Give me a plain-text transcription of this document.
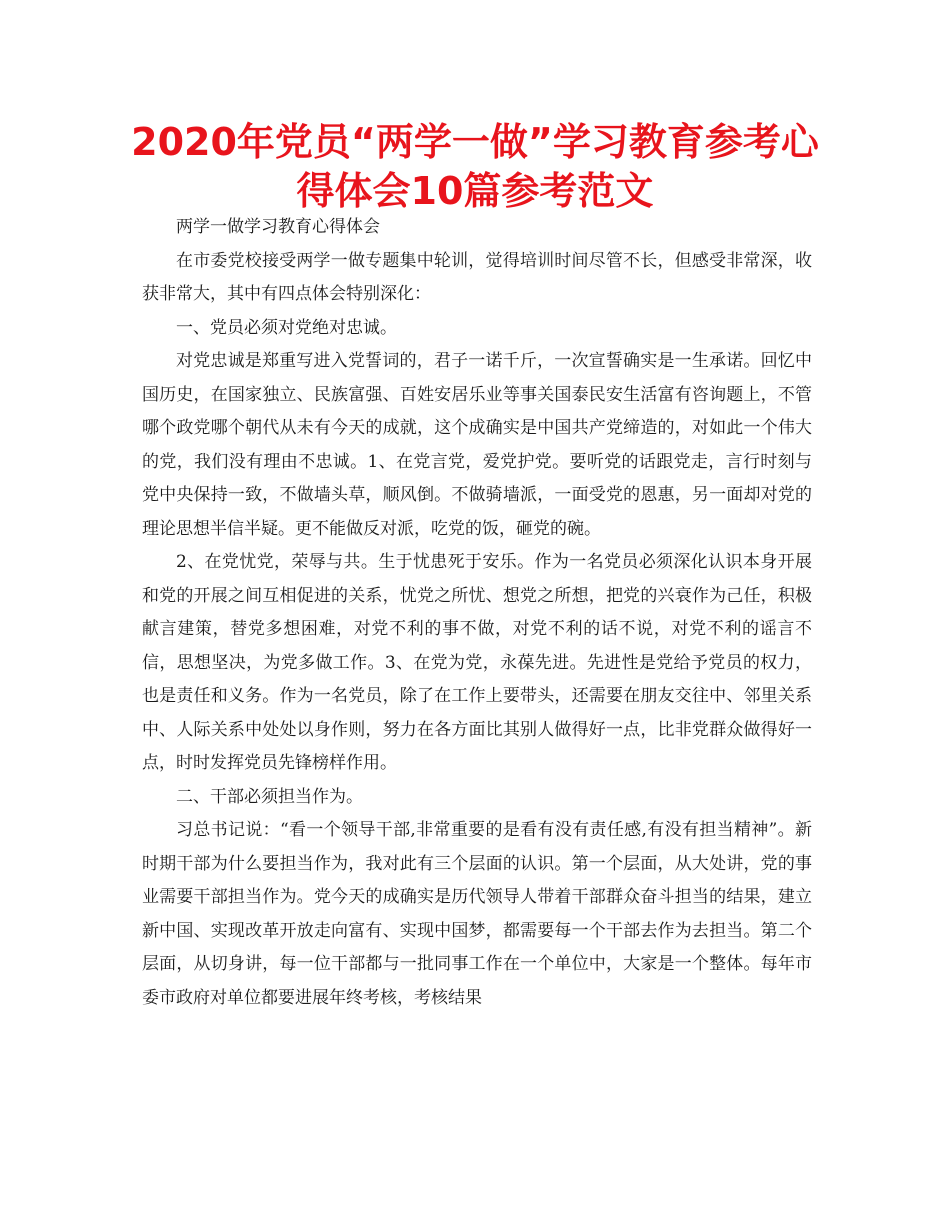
2020年党员“两学一做”学习教育参考心得体会10篇参考范文

两学一做学习教育心得体会

在市委党校接受两学一做专题集中轮训，觉得培训时间尽管不长，但感受非常深，收获非常大，其中有四点体会特别深化：

一、党员必须对党绝对忠诚。

对党忠诚是郑重写进入党誓词的，君子一诺千斤，一次宣誓确实是一生承诺。回忆中国历史，在国家独立、民族富强、百姓安居乐业等事关国泰民安生活富有咨询题上，不管哪个政党哪个朝代从未有今天的成就，这个成确实是中国共产党缔造的，对如此一个伟大的党，我们没有理由不忠诚。1、在党言党，爱党护党。要听党的话跟党走，言行时刻与党中央保持一致，不做墙头草，顺风倒。不做骑墙派，一面受党的恩惠，另一面却对党的理论思想半信半疑。更不能做反对派，吃党的饭，砸党的碗。

2、在党忧党，荣辱与共。生于忧患死于安乐。作为一名党员必须深化认识本身开展和党的开展之间互相促进的关系，忧党之所忧、想党之所想，把党的兴衰作为己任，积极献言建策，替党多想困难，对党不利的事不做，对党不利的话不说，对党不利的谣言不信，思想坚决，为党多做工作。3、在党为党，永葆先进。先进性是党给予党员的权力，也是责任和义务。作为一名党员，除了在工作上要带头，还需要在朋友交往中、邻里关系中、人际关系中处处以身作则，努力在各方面比其别人做得好一点，比非党群众做得好一点，时时发挥党员先锋榜样作用。

二、干部必须担当作为。

习总书记说：“看一个领导干部,非常重要的是看有没有责任感,有没有担当精神”。新时期干部为什么要担当作为，我对此有三个层面的认识。第一个层面，从大处讲，党的事业需要干部担当作为。党今天的成确实是历代领导人带着干部群众奋斗担当的结果，建立新中国、实现改革开放走向富有、实现中国梦，都需要每一个干部去作为去担当。第二个层面，从切身讲，每一位干部都与一批同事工作在一个单位中，大家是一个整体。每年市委市政府对单位都要进展年终考核，考核结果
